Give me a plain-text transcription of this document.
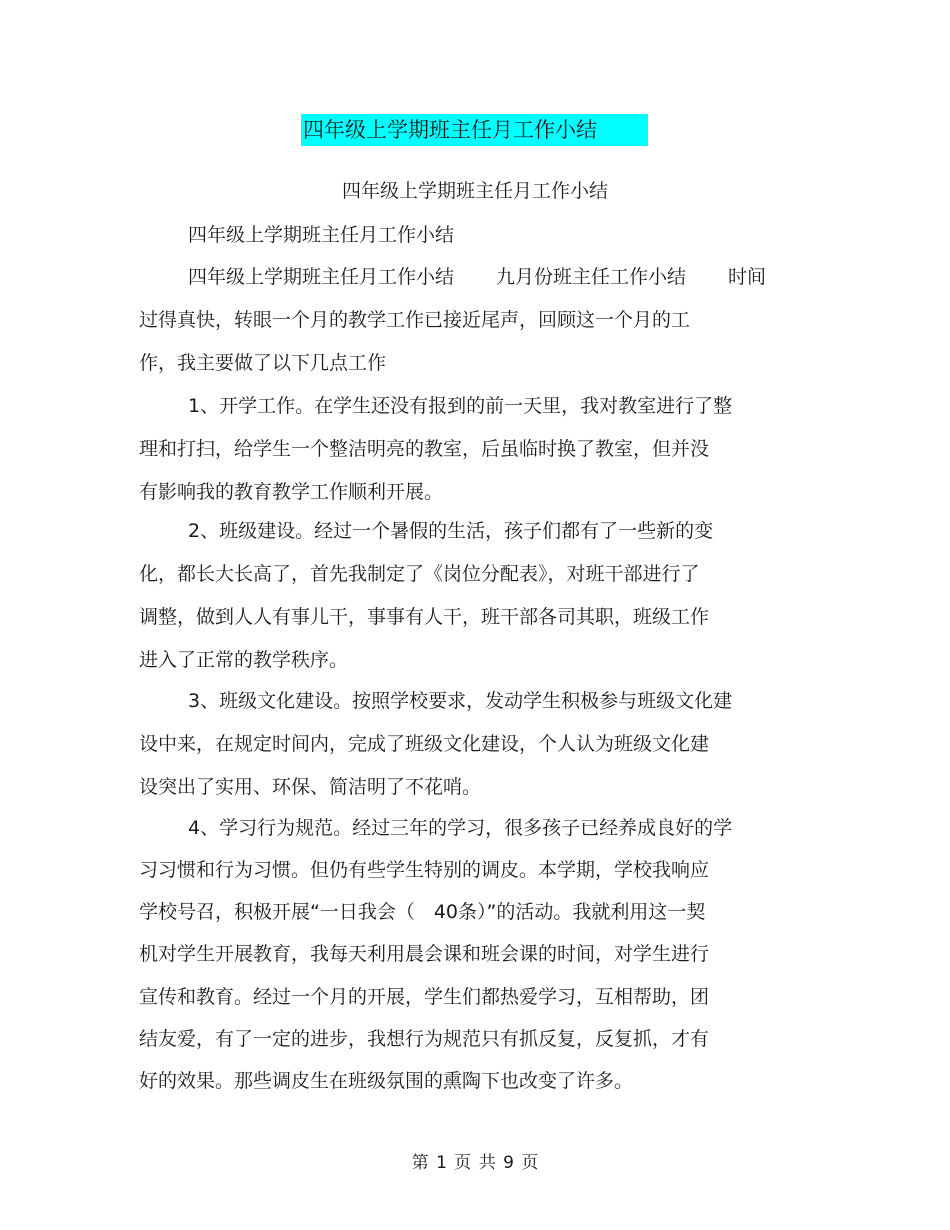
四年级上学期班主任月工作小结
四年级上学期班主任月工作小结
四年级上学期班主任月工作小结
四年级上学期班主任月工作小结 九月份班主任工作小结 时间
过得真快，转眼一个月的教学工作已接近尾声，回顾这一个月的工
作，我主要做了以下几点工作
1、开学工作。在学生还没有报到的前一天里，我对教室进行了整
理和打扫，给学生一个整洁明亮的教室，后虽临时换了教室，但并没
有影响我的教育教学工作顺利开展。
2、班级建设。经过一个暑假的生活，孩子们都有了一些新的变
化，都长大长高了，首先我制定了《岗位分配表》，对班干部进行了
调整，做到人人有事儿干，事事有人干，班干部各司其职，班级工作
进入了正常的教学秩序。
3、班级文化建设。按照学校要求，发动学生积极参与班级文化建
设中来，在规定时间内，完成了班级文化建设，个人认为班级文化建
设突出了实用、环保、简洁明了不花哨。
4、学习行为规范。经过三年的学习，很多孩子已经养成良好的学
习习惯和行为习惯。但仍有些学生特别的调皮。本学期，学校我响应
学校号召，积极开展“一日我会（　40条）”的活动。我就利用这一契
机对学生开展教育，我每天利用晨会课和班会课的时间，对学生进行
宣传和教育。经过一个月的开展，学生们都热爱学习，互相帮助，团
结友爱，有了一定的进步，我想行为规范只有抓反复，反复抓，才有
好的效果。那些调皮生在班级氛围的熏陶下也改变了许多。
第 1 页 共 9 页
